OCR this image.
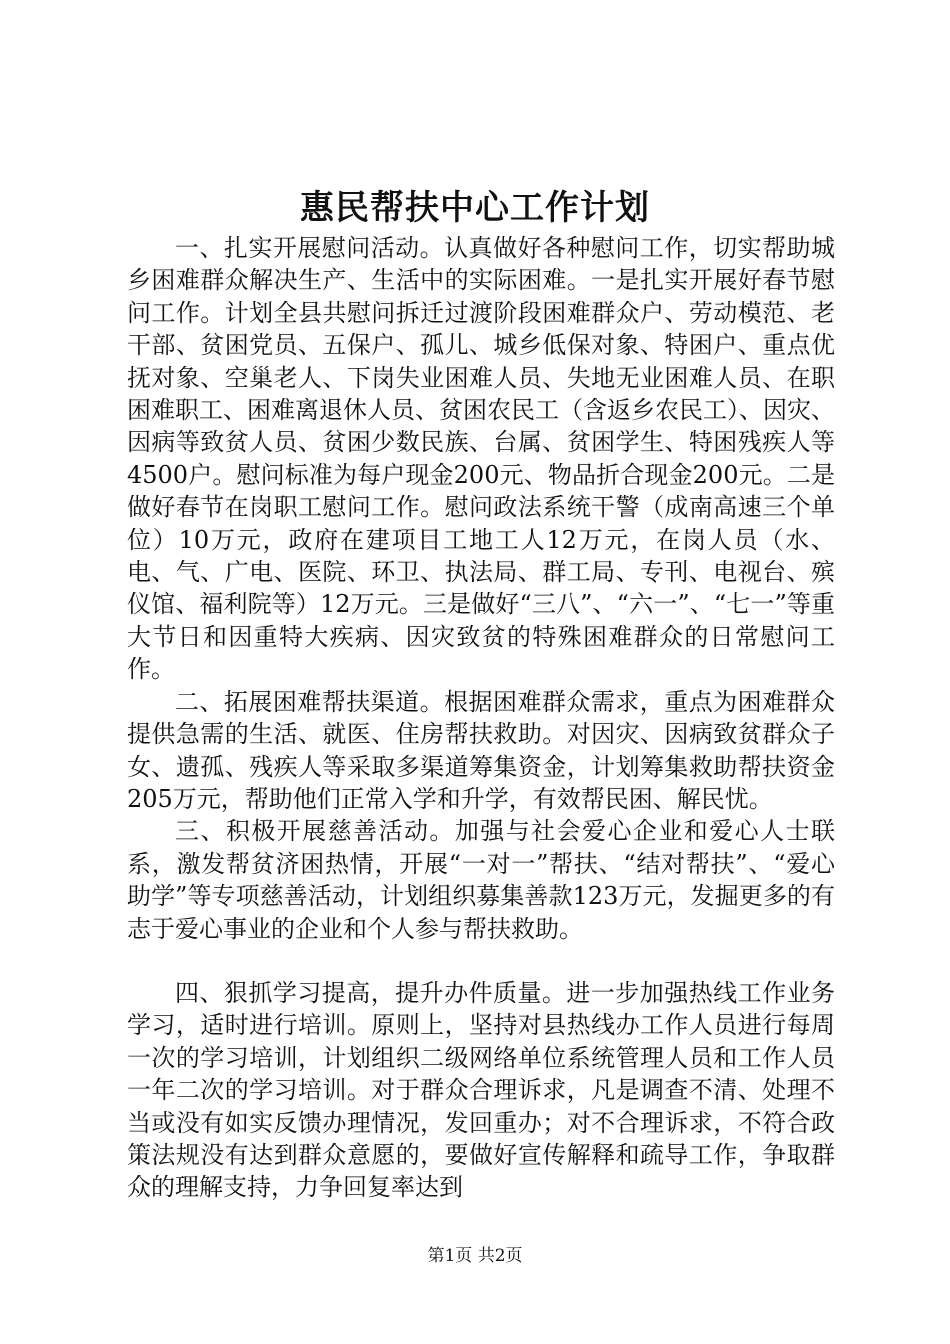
惠民帮扶中心工作计划

一、扎实开展慰问活动。认真做好各种慰问工作，切实帮助城乡困难群众解决生产、生活中的实际困难。一是扎实开展好春节慰问工作。计划全县共慰问拆迁过渡阶段困难群众户、劳动模范、老干部、贫困党员、五保户、孤儿、城乡低保对象、特困户、重点优抚对象、空巢老人、下岗失业困难人员、失地无业困难人员、在职困难职工、困难离退休人员、贫困农民工（含返乡农民工）、因灾、因病等致贫人员、贫困少数民族、台属、贫困学生、特困残疾人等4500户。慰问标准为每户现金200元、物品折合现金200元。二是做好春节在岗职工慰问工作。慰问政法系统干警（成南高速三个单位）10万元，政府在建项目工地工人12万元，在岗人员（水、电、气、广电、医院、环卫、执法局、群工局、专刊、电视台、殡仪馆、福利院等）12万元。三是做好“三八”、“六一”、“七一”等重大节日和因重特大疾病、因灾致贫的特殊困难群众的日常慰问工作。

二、拓展困难帮扶渠道。根据困难群众需求，重点为困难群众提供急需的生活、就医、住房帮扶救助。对因灾、因病致贫群众子女、遗孤、残疾人等采取多渠道筹集资金，计划筹集救助帮扶资金205万元，帮助他们正常入学和升学，有效帮民困、解民忧。

三、积极开展慈善活动。加强与社会爱心企业和爱心人士联系，激发帮贫济困热情，开展“一对一”帮扶、“结对帮扶”、“爱心助学”等专项慈善活动，计划组织募集善款123万元，发掘更多的有志于爱心事业的企业和个人参与帮扶救助。

四、狠抓学习提高，提升办件质量。进一步加强热线工作业务学习，适时进行培训。原则上，坚持对县热线办工作人员进行每周一次的学习培训，计划组织二级网络单位系统管理人员和工作人员一年二次的学习培训。对于群众合理诉求，凡是调查不清、处理不当或没有如实反馈办理情况，发回重办；对不合理诉求，不符合政策法规没有达到群众意愿的，要做好宣传解释和疏导工作，争取群众的理解支持，力争回复率达到

第1页 共2页
